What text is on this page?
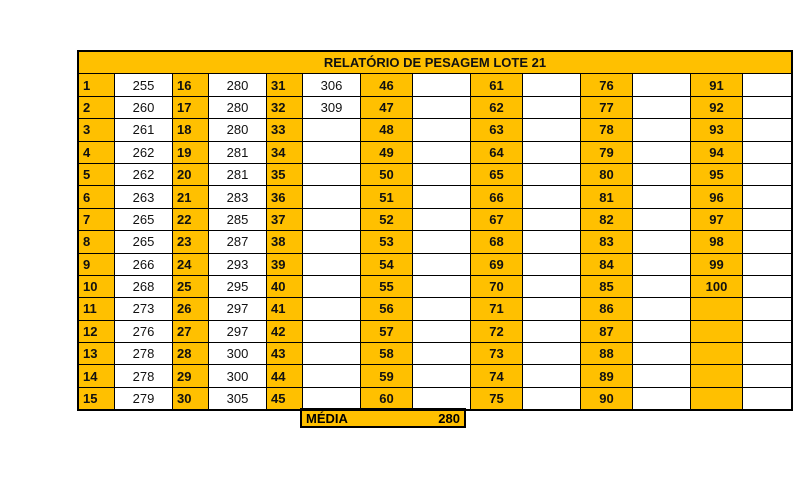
RELATÓRIO DE PESAGEM LOTE 21													
1	255	16	280	31	306	46		61		76		91	
2	260	17	280	32	309	47		62		77		92	
3	261	18	280	33		48		63		78		93	
4	262	19	281	34		49		64		79		94	
5	262	20	281	35		50		65		80		95	
6	263	21	283	36		51		66		81		96	
7	265	22	285	37		52		67		82		97	
8	265	23	287	38		53		68		83		98	
9	266	24	293	39		54		69		84		99	
10	268	25	295	40		55		70		85		100	
11	273	26	297	41		56		71		86			
12	276	27	297	42		57		72		87			
13	278	28	300	43		58		73		88			
14	278	29	300	44		59		74		89			
15	279	30	305	45		60		75		90			
MÉDIA	280
